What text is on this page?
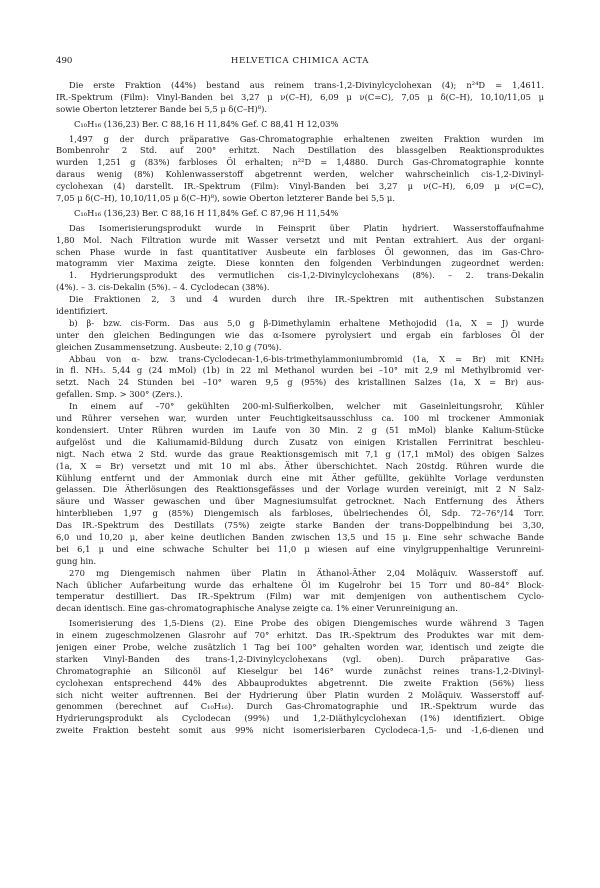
490	HELVETICA CHIMICA ACTA
Die erste Fraktion (44%) bestand aus reinem trans-1,2-Divinylcyclohexan (4); n²⁴D = 1,4611.
IR.-Spektrum (Film): Vinyl-Banden bei 3,27 μ ν(C–H), 6,09 μ ν(C=C), 7,05 μ δ(C–H), 10,10/11,05 μ
sowie Oberton letzterer Bande bei 5,5 μ δ(C–H)⁸).
C₁₀H₁₆ (136,23) Ber. C 88,16 H 11,84% Gef. C 88,41 H 12,03%
1,497 g der durch präparative Gas-Chromatographie erhaltenen zweiten Fraktion wurden im
Bombenrohr 2 Std. auf 200° erhitzt. Nach Destillation des blassgelben Reaktionsproduktes
wurden 1,251 g (83%) farbloses Öl erhalten; n²²D = 1,4880. Durch Gas-Chromatographie konnte
daraus wenig (8%) Kohlenwasserstoff abgetrennt werden, welcher wahrscheinlich cis-1,2-Divinyl-
cyclohexan (4) darstellt. IR.-Spektrum (Film): Vinyl-Banden bei 3,27 μ ν(C–H), 6,09 μ ν(C=C),
7,05 μ δ(C–H), 10,10/11,05 μ δ(C–H)⁸), sowie Oberton letzterer Bande bei 5,5 μ.
C₁₀H₁₆ (136,23) Ber. C 88,16 H 11,84% Gef. C 87,96 H 11,54%
Das Isomerisierungsprodukt wurde in Feinsprit über Platin hydriert. Wasserstoffaufnahme
1,80 Mol. Nach Filtration wurde mit Wasser versetzt und mit Pentan extrahiert. Aus der organi-
schen Phase wurde in fast quantitativer Ausbeute ein farbloses Öl gewonnen, das im Gas-Chro-
matogramm vier Maxima zeigte. Diese konnten den folgenden Verbindungen zugeordnet werden:
1. Hydrierungsprodukt des vermutlichen cis-1,2-Divinylcyclohexans (8%). – 2. trans-Dekalin
(4%). – 3. cis-Dekalin (5%). – 4. Cyclodecan (38%).
Die Fraktionen 2, 3 und 4 wurden durch ihre IR.-Spektren mit authentischen Substanzen
identifiziert.
b) β- bzw. cis-Form. Das aus 5,0 g β-Dimethylamin erhaltene Methojodid (1a, X = J) wurde
unter den gleichen Bedingungen wie das α-Isomere pyrolysiert und ergab ein farbloses Öl der
gleichen Zusammensetzung. Ausbeute: 2,10 g (70%).
Abbau von α- bzw. trans-Cyclodecan-1,6-bis-trimethylammoniumbromid (1a, X = Br) mit KNH₂
in fl. NH₃. 5,44 g (24 mMol) (1b) in 22 ml Methanol wurden bei –10° mit 2,9 ml Methylbromid ver-
setzt. Nach 24 Stunden bei –10° waren 9,5 g (95%) des kristallinen Salzes (1a, X = Br) aus-
gefallen. Smp. > 300° (Zers.).
In einem auf –70° gekühlten 200-ml-Sulfierkolben, welcher mit Gaseinleitungsrohr, Kühler
und Rührer versehen war, wurden unter Feuchtigkeitsausschluss ca. 100 ml trockener Ammoniak
kondensiert. Unter Rühren wurden im Laufe von 30 Min. 2 g (51 mMol) blanke Kalium-Stücke
aufgelöst und die Kaliumamid-Bildung durch Zusatz von einigen Kristallen Ferrinitrat beschleu-
nigt. Nach etwa 2 Std. wurde das graue Reaktionsgemisch mit 7,1 g (17,1 mMol) des obigen Salzes
(1a, X = Br) versetzt und mit 10 ml abs. Äther überschichtet. Nach 20stdg. Rühren wurde die
Kühlung entfernt und der Ammoniak durch eine mit Äther gefüllte, gekühlte Vorlage verdunsten
gelassen. Die Ätherlösungen des Reaktionsgefässes und der Vorlage wurden vereinigt, mit 2 N Salz-
säure und Wasser gewaschen und über Magnesiumsulfat getrocknet. Nach Entfernung des Äthers
hinterblieben 1,97 g (85%) Diengemisch als farbloses, übelriechendes Öl, Sdp. 72–76°/14 Torr.
Das IR.-Spektrum des Destillats (75%) zeigte starke Banden der trans-Doppelbindung bei 3,30,
6,0 und 10,20 μ, aber keine deutlichen Banden zwischen 13,5 und 15 μ. Eine sehr schwache Bande
bei 6,1 μ und eine schwache Schulter bei 11,0 μ wiesen auf eine vinylgruppenhaltige Verunreini-
gung hin.
270 mg Diengemisch nahmen über Platin in Äthanol-Äther 2,04 Moläquiv. Wasserstoff auf.
Nach üblicher Aufarbeitung wurde das erhaltene Öl im Kugelrohr bei 15 Torr und 80–84° Block-
temperatur destilliert. Das IR.-Spektrum (Film) war mit demjenigen von authentischem Cyclo-
decan identisch. Eine gas-chromatographische Analyse zeigte ca. 1% einer Verunreinigung an.
Isomerisierung des 1,5-Diens (2). Eine Probe des obigen Diengemisches wurde während 3 Tagen
in einem zugeschmolzenen Glasrohr auf 70° erhitzt. Das IR.-Spektrum des Produktes war mit dem-
jenigen einer Probe, welche zusätzlich 1 Tag bei 100° gehalten worden war, identisch und zeigte die
starken Vinyl-Banden des trans-1,2-Divinylcyclohexans (vgl. oben). Durch präparative Gas-
Chromatographie an Siliconöl auf Kieselgur bei 146° wurde zunächst reines trans-1,2-Divinyl-
cyclohexan entsprechend 44% des Abbauproduktes abgetrennt. Die zweite Fraktion (56%) liess
sich nicht weiter auftrennen. Bei der Hydrierung über Platin wurden 2 Moläquiv. Wasserstoff auf-
genommen (berechnet auf C₁₀H₁₆). Durch Gas-Chromatographie und IR.-Spektrum wurde das
Hydrierungsprodukt als Cyclodecan (99%) und 1,2-Diäthylcyclohexan (1%) identifiziert. Obige
zweite Fraktion besteht somit aus 99% nicht isomerisierbaren Cyclodeca-1,5- und -1,6-dienen und
